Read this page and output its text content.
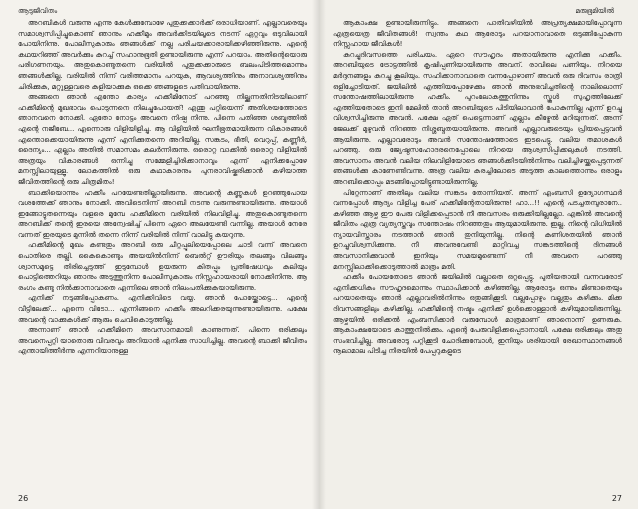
ആടുജീവിതം

അറബികൾ വരുന്നു എന്നു കേൾക്കുമ്പോഴേ പുതുക്കക്കാർക്ക് ഒരാധിയാണ്. എല്ലാവരെയും സമാശ്വസിപ്പിച്ചുകൊണ്ട് ഞാനും ഹക്കീമും അവർക്കിടയിലൂടെ നടന്ന് ഏറ്റവും ഒടുവിലായി പോയിനിന്നു. പോലീസുകാരും ഞങ്ങൾക്ക് നല്ല പരിചയക്കാരായിക്കഴിഞ്ഞിരുന്നു. എന്റെ കഥയറിഞ്ഞ് അവർക്കും കുറച്ച് സഹാനുഭൂതി ഉണ്ടായിരുന്നു എന്ന് പറയാം. അതിന്റെയൊരു പരിഗണനയും. അതുകൊണ്ടുതന്നെ വരിയിൽ പുതുക്കക്കാരുടെ ബലംപിടിത്തമൊന്നും ഞങ്ങൾക്കില്ല. വരിയിൽ നിന്ന് വരിത്തമാനം പറയുക, ആവശ്യത്തിനും അനാവശ്യത്തിനും ചിരിക്കുക, മറ്റുള്ളവരെ കളിയാക്കുക ഒക്കെ ഞങ്ങളുടെ പതിവായിരുന്നു.

അങ്ങനെ ഞാൻ എന്തോ കാര്യം ഹക്കീമിനോട് പറഞ്ഞു നില്ക്കുന്നതിനിടയിലാണ് ഹക്കീമിന്റെ മുഖഭാവം പൊടുന്നനെ നിലച്ചുപോയത്! എന്തു പറ്റിയെന്ന് അതിശയത്തോടെ ഞാനവനെ നോക്കി. ഏതോ നോട്ടം അവനെ നിഷ്പ നിന്നു. പിന്നെ പതിഞ്ഞ ശബ്ദത്തിൽ എന്റെ നജീബേ... എന്നൊരു വിളിയിളിച്ചു. ആ വിളിയിൽ ഘനീഭൂതമായിരുന്ന വികാരങ്ങൾ എന്തൊക്കെയായിരുന്നു എന്ന് എനിക്കുതന്നെ അറിയില്ല. സങ്കടം, ഭീതി, വെറുപ്പ്, കണ്ണീർ, ദൈന്യം... എല്ലാം അതിൽ സമാസമം കലർന്നിരുന്നു. ഒരൊറ്റ വാക്കിൽ ഒരൊറ്റ വിളിയിൽ അത്രയും വികാരങ്ങൾ ഒന്നിച്ചു സമ്മേളിച്ചിരിക്കാനാവും എന്ന് എനിക്കപ്പോഴേ മനസ്സിലായുള്ളൂ. ലോകത്തിൽ ഒരു കഥാകാരനും പുനരാവിഷ്കരിക്കാൻ കഴിയാത്ത ജീവിതത്തിന്റെ ഒരു ചിത്രമിതം!

ബാക്കിയൊന്നും ഹക്കീം പറയേണ്ടതില്ലായിരുന്നു. അവന്റെ കണ്ണുകൾ ഉറഞ്ഞുപോയ വശത്തേക്ക് ഞാനും നോക്കി. അവിടെനിന്ന് അറബി നടന്നു വരുന്നുണ്ടായിരുന്നു. അയാൾ ഇങ്ങോട്ടുതന്നെയും വളരെ മുമ്പേ ഹക്കീമിനെ വരിയിൽ നിലവിളിച്ചു. അതുകൊണ്ടുതന്നെ അറബിക്ക് തന്റെ ഇരയെ അന്വേഷിച്ച് പിന്നെ ഏറെ അലയേണ്ടി വന്നില്ല. അയാൾ നേരേ വന്നത് ഇരയുടെ മുന്നിൽ തന്നെ നിന്ന് വരിയിൽ നിന്ന് വാലിട്ടു കയറുന്നു.

ഹക്കീമിന്റെ മുഖം കണ്ടതും അറബി ഒരു ചീറ്റപ്പുലിയെപ്പോലെ ചാടി വന്ന് അവനെ പൊതിരെ തല്ലി. കൈകൊണ്ടും അയയിൽനിന്ന് ബെൽറ്റ് ഊരിയും തലങ്ങും വിലങ്ങും ശ്വാസമുട്ടെ തിരിച്ചെടുത്ത് ഇടുമ്പോൾ ഉയരുന്ന കിതപ്പും പ്രതിഷേധവും കലിയും പൊട്ടിത്തെറിയും ഞാനും അടുത്തുനിന്ന പോലീസുകാരും നിസ്സഹായരായി നോക്കിനിന്നു. ആ രംഗം കണ്ടു നിൽക്കാനാവാതെ എന്നിലെ ഞാൻ നിലംപതിക്കുകയായിരുന്നു.

എനിക്ക് നടുങ്ങിപ്പോകണം. എനിക്കിവിടെ വയ്യ. ഞാൻ പോയ്ക്കോട്ടെ... എന്റെ വീട്ടിലേക്ക്... എന്നെ വിടോ... എന്നിങ്ങനെ ഹക്കീം അലറിക്കരയുന്നുണ്ടായിരുന്നു. പക്ഷേ അവന്റെ വാക്കുകൾക്ക് ആരും ചെവികൊടുത്തില്ല.

അന്നാണ് ഞാൻ ഹക്കീമിനെ അവസാനമായി കാണുന്നത്. പിന്നെ ഒരിക്കലും അവനെപ്പറ്റി യാതൊരു വിവരവും അറിയാൻ എനിക്കു സാധിച്ചില്ല. അവന്റെ ബാക്കി ജീവിതം എന്തായിത്തീർന്നു എന്നറിയാനുള്ള

26
മരുഭൂമിയിൽ

ആകാംക്ഷ ഉണ്ടായിരുന്നിട്ടും. അങ്ങനെ പാതിവഴിയിൽ അപ്രത്യക്ഷമായിപ്പോവുന്ന എത്രയെത്ര ജീവിതങ്ങൾ! സ്വന്തം കഥ ആരോടും പറയാനാവാതെ ഒടുങ്ങിപ്പോകുന്ന നിസ്സഹായ ജീവികൾ!

കുറച്ചുദിവസത്തെ പരിചയം. ഏറെ സൗഹൃദം അതായിരുന്നു എനിക്കു ഹക്കീം. അറബിയുടെ ട്രോട്ടത്തിൽ കൃഷിപ്പണിയായിരുന്നു അവന്. രാവിലെ പണിയും. നിറയെ മർദ്ദനങ്ങളും കുറച്ചു കൂലിയും. സഹിക്കാനാവാതെ വന്നപ്പോഴാണ് അവൻ ഒരു ദിവസം രാത്രി ഒളിച്ചോടിയത്. ജയിലിൽ എത്തിയപ്പോഴേക്കും ഞാൻ അനുഭവിച്ചതിന്റെ നാലിലൊന്ന് സന്തോഷത്തിലായിരുന്നു ഹക്കീം. പുറംലോകത്തുനിന്നും സ്കൂൾ സുഹൃത്തിലേക്ക് എത്തിയതോടെ ഇനി മേലിൽ താൻ അറബിയുടെ പിടിയിലാവാൻ പോകുന്നില്ല എന്ന് ഉറച്ചു വിശ്വസിച്ചിരുന്നു അവൻ. പക്ഷേ ഏത് പെട്ടെന്നാണ് എല്ലാം കീഴ്മേൽ മറിയുന്നത്. അന്ന് ജേലക്ക് മുഴുവൻ നിറഞ്ഞ നിശ്ശബ്ദതയായിരുന്നു. അവൻ എല്ലാവരുടെയും പ്രിയപ്പെട്ടവൻ ആയിരുന്നു. എല്ലാവരോടും അവൻ സന്തോഷത്തോടെ ഇടപെട്ടു. വലിയ തമാശകൾ പറഞ്ഞു. ഒരു ജ്യേഷ്ഠസഹോദരനെപ്പോലെ നിറയെ ആശ്വസിപ്പിക്കലുകൾ നടത്തി. അവസാനം അവൻ വലിയ നിലവിളിയോടെ ഞങ്ങൾക്കിടയിൽനിന്നും വലിച്ചിഴയ്ക്കപ്പെടുന്നത് ഞങ്ങൾക്കു കാണേണ്ടിവന്നു. അത്ര വലിയ കരച്ചിലോടെ അടുത്ത കാലത്തൊന്നും ഒരാളും അറബിക്കൊപ്പം മടങ്ങിപ്പോയിട്ടുണ്ടായിരുന്നില്ല.

പിറ്റേന്നാണ് അതിലും വലിയ സങ്കടം തോന്നിയത്. അന്ന് എംബസി ഉദ്യോഗസ്ഥർ വന്നപ്പോൾ ആദ്യം വിളിച്ച പേര് ഹക്കീമിന്റേതായിരുന്നു! ഹാ...!! എന്റെ പടച്ചതമ്പുരാനേ.. കഴിഞ്ഞ ആഴ്ച ഈ പേരു വിളിക്കപ്പെടാൻ നീ അവസരം ഒരുക്കിയില്ലല്ലോ. എങ്കിൽ അവന്റെ ജീവിതം എത്ര വ്യത്യസ്തവും സന്തോഷം നിറഞ്ഞതും ആയുമായിരുന്നു. ഇല്ല. നിന്റെ വിധിയിൽ ന്യായവിസ്താരം നടത്താൻ ഞാൻ തുനിയുന്നില്ല. നിന്റെ കണിശതയിൽ ഞാൻ ഉറച്ചുവിശ്വസിക്കുന്നു. നീ അവനുവേണ്ടി മാറ്റിവച്ച സങ്കടത്തിന്റെ ദിനങ്ങൾ അവസാനിക്കുവാൻ ഇനിയും സമയമുണ്ടെന്ന് നീ അവനെ പറഞ്ഞു മനസ്സിലാക്കിക്കൊടുത്താൽ മാത്രം മതി.

ഹക്കീം പോയതോടെ ഞാൻ ജയിലിൽ വല്ലാതെ ഒറ്റപ്പെട്ടു. പുതിയതായി വന്നവരോട് എനിക്കധികം സൗഹൃദമൊന്നും സ്ഥാപിക്കാൻ കഴിഞ്ഞില്ല. ആരോടും ഒന്നും മിണ്ടാതെയും പറയാതെയും ഞാൻ എല്ലാവരിൽനിന്നും ഒതുങ്ങിക്കൂടി. വല്ലപ്പോഴും വല്ലതും കഴിക്കും. മിക്ക ദിവസങ്ങളിലും കഴിക്കില്ല. ഹക്കീമിന്റെ നഷ്ടം എനിക്ക് ഉൾക്കൊള്ളാൻ കഴിയുമായിരുന്നില്ല. ആഴ്ചയിൽ ഒരിക്കൽ എംബസിക്കാർ വരുമ്പോൾ മാത്രമാണ് ഞാനൊന്ന് ഉണരുക. ആകാംക്ഷയോടെ കാത്തുനിൽക്കും. എന്റെ പേരുവിളിക്കപ്പെടാനായി. പക്ഷേ ഒരിക്കലും അതു സംഭവിച്ചില്ല. അവരോടു പറ്റിക്കൂടി ചോദിക്കുമ്പോൾ, ഇനിയും ശരിയായി രേഖാസ്ഥാനങ്ങൾ നൂലാമാല പിടിച്ച നിരയിൽ പേപ്പറുകളുടെ

27
